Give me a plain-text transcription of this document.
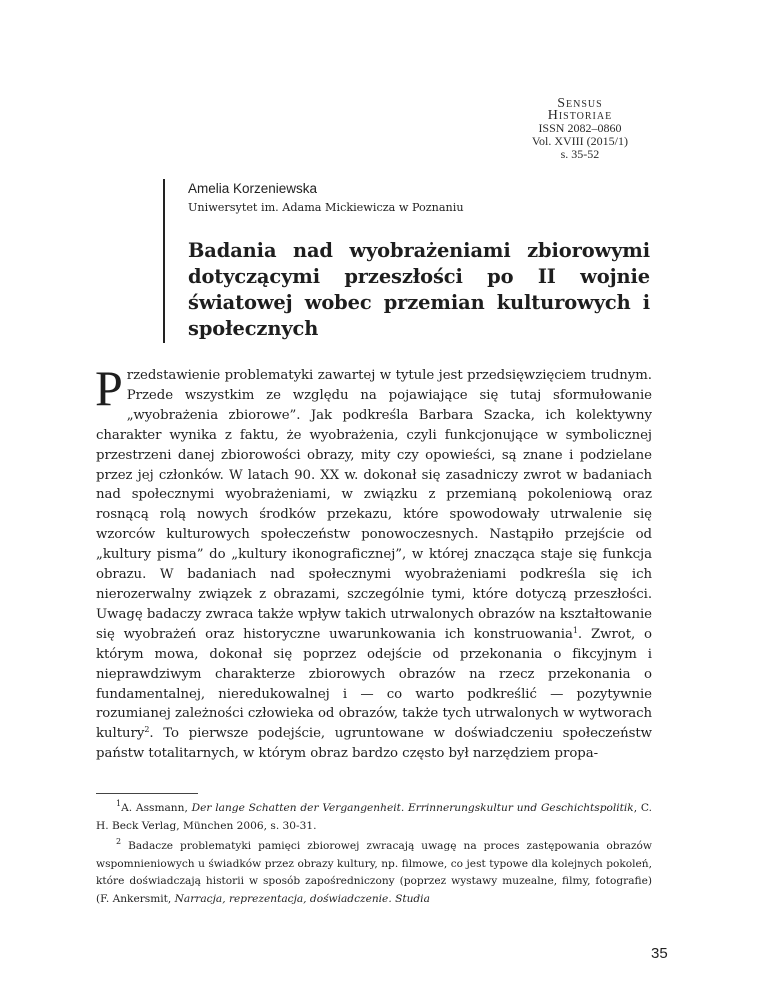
Sensus
Historiae
ISSN 2082–0860
Vol. XVIII (2015/1)
s. 35-52
Amelia Korzeniewska
Uniwersytet im. Adama Mickiewicza w Poznaniu
Badania nad wyobrażeniami zbiorowymi dotyczącymi przeszłości po II wojnie światowej wobec przemian kulturowych i społecznych
Przedstawienie problematyki zawartej w tytule jest przedsięwzięciem trudnym. Przede wszystkim ze względu na pojawiające się tutaj sformułowanie „wyobrażenia zbiorowe”. Jak podkreśla Barbara Szacka, ich kolektywny charakter wynika z faktu, że wyobrażenia, czyli funkcjonujące w symbolicznej przestrzeni danej zbiorowości obrazy, mity czy opowieści, są znane i podzielane przez jej członków. W latach 90. XX w. dokonał się zasadniczy zwrot w badaniach nad społecznymi wyobrażeniami, w związku z przemianą pokoleniową oraz rosnącą rolą nowych środków przekazu, które spowodowały utrwalenie się wzorców kulturowych społeczeństw ponowoczesnych. Nastąpiło przejście od „kultury pisma” do „kultury ikonograficznej”, w której znacząca staje się funkcja obrazu. W badaniach nad społecznymi wyobrażeniami podkreśla się ich nierozerwalny związek z obrazami, szczególnie tymi, które dotyczą przeszłości. Uwagę badaczy zwraca także wpływ takich utrwalonych obrazów na kształtowanie się wyobrażeń oraz historyczne uwarunkowania ich konstruowania$^1$. Zwrot, o którym mowa, dokonał się poprzez odejście od przekonania o fikcyjnym i nieprawdziwym charakterze zbiorowych obrazów na rzecz przekonania o fundamentalnej, nieredukowalnej i — co warto podkreślić — pozytywnie rozumianej zależności człowieka od obrazów, także tych utrwalonych w wytworach kultury$^2$. To pierwsze podejście, ugruntowane w doświadczeniu społeczeństw państw totalitarnych, w którym obraz bardzo często był narzędziem propa-

$^1$A. Assmann, Der lange Schatten der Vergangenheit. Errinnerungskultur und Geschichtspolitik, C. H. Beck Verlag, München 2006, s. 30-31.

$^2$ Badacze problematyki pamięci zbiorowej zwracają uwagę na proces zastępowania obrazów wspomnieniowych u świadków przez obrazy kultury, np. filmowe, co jest typowe dla kolejnych pokoleń, które doświadczają historii w sposób zapośredniczony (poprzez wystawy muzealne, filmy, fotografie) (F. Ankersmit, Narracja, reprezentacja, doświadczenie. Studia

35
